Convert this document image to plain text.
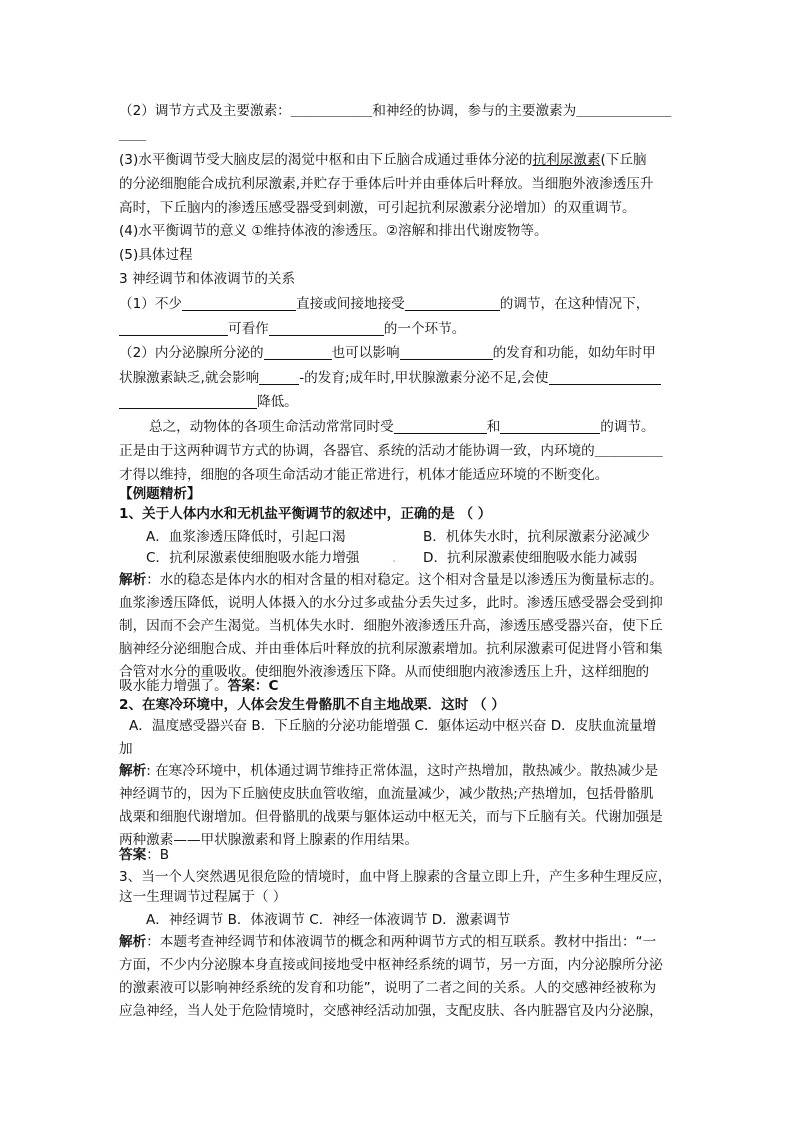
（2）调节方式及主要激素：＿＿＿＿＿＿和神经的协调，参与的主要激素为＿＿＿＿＿＿＿
＿＿
(3)水平衡调节受大脑皮层的渴觉中枢和由下丘脑合成通过垂体分泌的抗利尿激素(下丘脑
的分泌细胞能合成抗利尿激素,并贮存于垂体后叶并由垂体后叶释放。当细胞外液渗透压升
高时，下丘脑内的渗透压感受器受到刺激，可引起抗利尿激素分泌增加）的双重调节。
(4)水平衡调节的意义 ①维持体液的渗透压。②溶解和排出代谢废物等。
(5)具体过程
3 神经调节和体液调节的关系
（1）不少	直接或间接地接受	的调节，在这种情况下，
可看作	的一个环节。
（2）内分泌腺所分泌的	也可以影响	的发育和功能，如幼年时甲
状腺激素缺乏,就会影响	-的发育;成年时,甲状腺激素分泌不足,会使
降低。
总之，动物体的各项生命活动常常同时受	和	的调节。
正是由于这两种调节方式的协调，各器官、系统的活动才能协调一致，内环境的＿＿＿＿＿
才得以维持，细胞的各项生命活动才能正常进行，机体才能适应环境的不断变化。
【例题精析】
1、关于人体内水和无机盐平衡调节的叙述中，正确的是 （ ）
A．血浆渗透压降低时，引起口渴	B．机体失水时，抗利尿激素分泌减少
C．抗利尿激素使细胞吸水能力增强 . D．抗利尿激素使细胞吸水能力减弱
解析：水的稳态是体内水的相对含量的相对稳定。这个相对含量是以渗透压为衡量标志的。
血浆渗透压降低，说明人体摄入的水分过多或盐分丢失过多，此时。渗透压感受器会受到抑
制，因而不会产生渴觉。当机体失水时．细胞外液渗透压升高，渗透压感受器兴奋，使下丘
脑神经分泌细胞合成、并由垂体后叶释放的抗利尿激素增加。抗利尿激素可促进肾小管和集
合管对水分的重吸收。使细胞外液渗透压下降。从而使细胞内液渗透压上升，这样细胞的
吸水能力增强了。答案：C
2、在寒冷环境中，人体会发生骨骼肌不自主地战栗．这时 （ ）
A．温度感受器兴奋 B．下丘脑的分泌功能增强 C．躯体运动中枢兴奋 D．皮肤血流量增
加
解析: 在寒冷环境中，机体通过调节维持正常体温，这时产热增加，散热减少。散热减少是
神经调节的，因为下丘脑使皮肤血管收缩，血流量减少，减少散热;产热增加，包括骨骼肌
战栗和细胞代谢增加。但骨骼肌的战栗与躯体运动中枢无关，而与下丘脑有关。代谢加强是
两种激素——甲状腺激素和肾上腺素的作用结果。
答案：B
3、当一个人突然遇见很危险的情境时，血中肾上腺素的含量立即上升，产生多种生理反应，
这一生理调节过程属于（ ）
A．神经调节 B．体液调节 C．神经一体液调节 D．激素调节
解析：本题考查神经调节和体液调节的概念和两种调节方式的相互联系。教材中指出：“一
方面，不少内分泌腺本身直接或间接地受中枢神经系统的调节，另一方面，内分泌腺所分泌
的激素液可以影响神经系统的发育和功能”，说明了二者之间的关系。人的交感神经被称为
应急神经，当人处于危险情境时，交感神经活动加强，支配皮肤、各内脏器官及内分泌腺，
